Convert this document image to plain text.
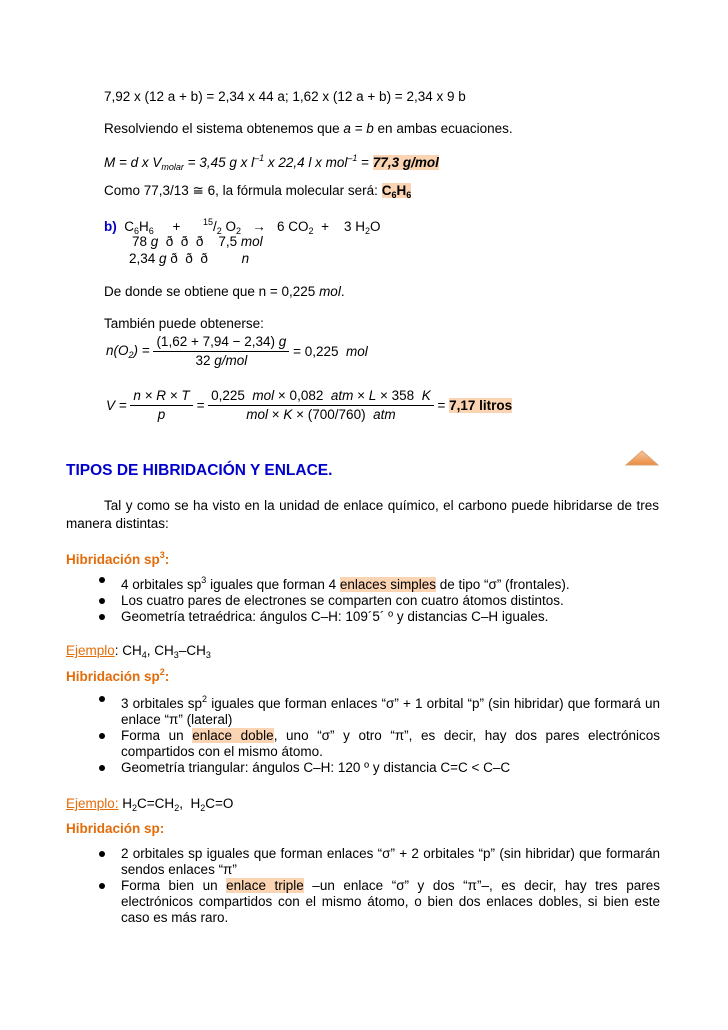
7,92 x (12 a + b) = 2,34 x 44 a; 1,62 x (12 a + b) = 2,34 x 9 b
Resolviendo el sistema obtenemos que a = b en ambas ecuaciones.
M = d x $V_{molar} = 3,45$ g x $l^{-1}$ x 22,4 l x mol$^{-1}$ = 77,3 g/mol
Como 77,3/13 ≅ 6, la fórmula molecular será: $C_6H_6$
b)  $C_6H_6$     +      $^{15}/_2$ $O_2 \to 6$ $CO_2$  +    3 $H_2O$
78 g  ð  ð  ð    7,5 mol
2,34 g ð  ð  ð         n
De donde se obtiene que n = 0,225 mol.
También puede obtenerse:
$n(O_2) = \frac{(1,62 + 7,94 - 2,34) g}{\text{32 g/mol}} = 0,225$  mol
$V = \frac{n \times R \times T}{p} = \frac{\text{0,225  mol × 0,082  atm × L × 358  K}}{\text{mol × K × (700/760)  atm}} = 7,17$ litros
TIPOS DE HIBRIDACIÓN Y ENLACE.
Tal y como se ha visto en la unidad de enlace químico, el carbono puede hibridarse de tres manera distintas:
Hibridación $sp^3$:
4 orbitales $sp^3$ iguales que forman 4 enlaces simples de tipo “σ” (frontales).
Los cuatro pares de electrones se comparten con cuatro átomos distintos.
Geometría tetraédrica: ángulos C–H: 109´5´ º y distancias C–H iguales.
Ejemplo: $CH_4$, $CH_3-CH_3$
Hibridación $sp^2$:
3 orbitales $sp^2$ iguales que forman enlaces “σ” + 1 orbital “p” (sin hibridar) que formará un enlace “π” (lateral)
Forma un enlace doble, uno “σ” y otro “π”, es decir, hay dos pares electrónicos compartidos con el mismo átomo.
Geometría triangular: ángulos C–H: 120 º y distancia C=C < C–C
Ejemplo: $H_2C=CH_2$,  $H_2C=O$
Hibridación sp:
2 orbitales sp iguales que forman enlaces “σ” + 2 orbitales “p” (sin hibridar) que formarán sendos enlaces “π”
Forma bien un enlace triple –un enlace “σ” y dos “π”–, es decir, hay tres pares electrónicos compartidos con el mismo átomo, o bien dos enlaces dobles, si bien este caso es más raro.
